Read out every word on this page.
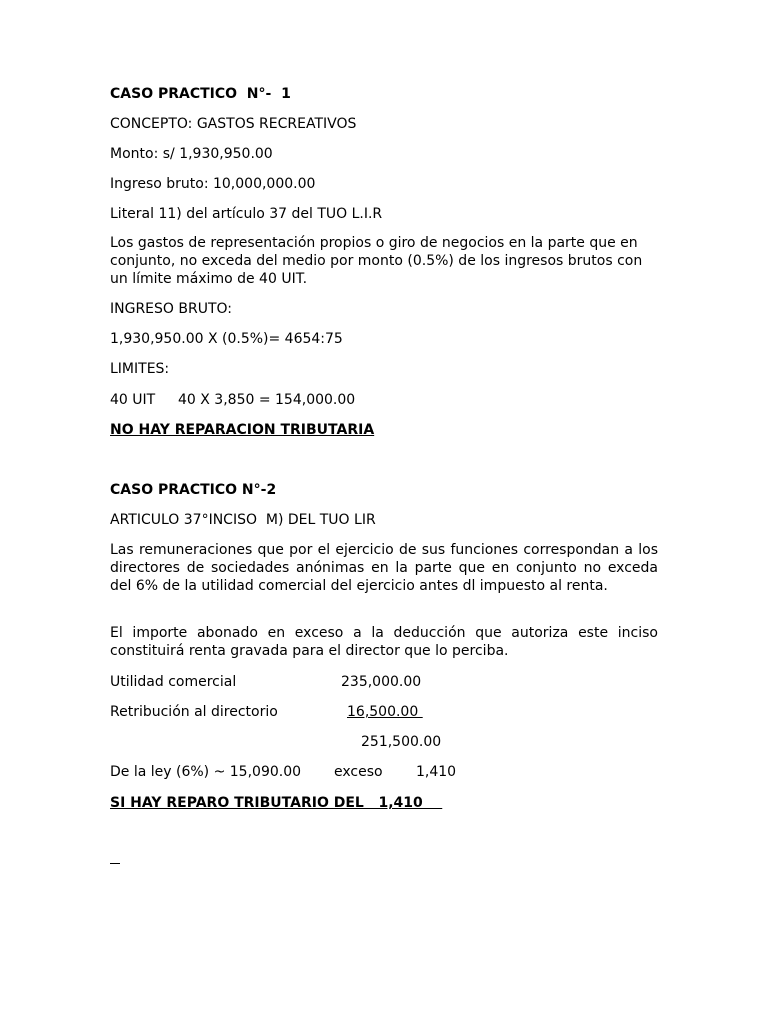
CASO PRACTICO  N°-  1
CONCEPTO: GASTOS RECREATIVOS
Monto: s/ 1,930,950.00
Ingreso bruto: 10,000,000.00
Literal 11) del artículo 37 del TUO L.I.R
Los gastos de representación propios o giro de negocios en la parte que en conjunto, no exceda del medio por monto (0.5%) de los ingresos brutos con un límite máximo de 40 UIT.
INGRESO BRUTO:
1,930,950.00 X (0.5%)= 4654:75
LIMITES:
40 UIT 40 X 3,850 = 154,000.00
NO HAY REPARACION TRIBUTARIA
CASO PRACTICO N°-2
ARTICULO 37°INCISO  M) DEL TUO LIR
Las remuneraciones que por el ejercicio de sus funciones correspondan a los directores de sociedades anónimas en la parte que en conjunto no exceda del 6% de la utilidad comercial del ejercicio antes dl impuesto al renta.
El importe abonado en exceso a la deducción que autoriza este inciso constituirá renta gravada para el director que lo perciba.
Utilidad comercial	235,000.00
Retribución al directorio	16,500.00
251,500.00
De la ley (6%) ~ 15,090.00 exceso 1,410
SI HAY REPARO TRIBUTARIO DEL   1,410
